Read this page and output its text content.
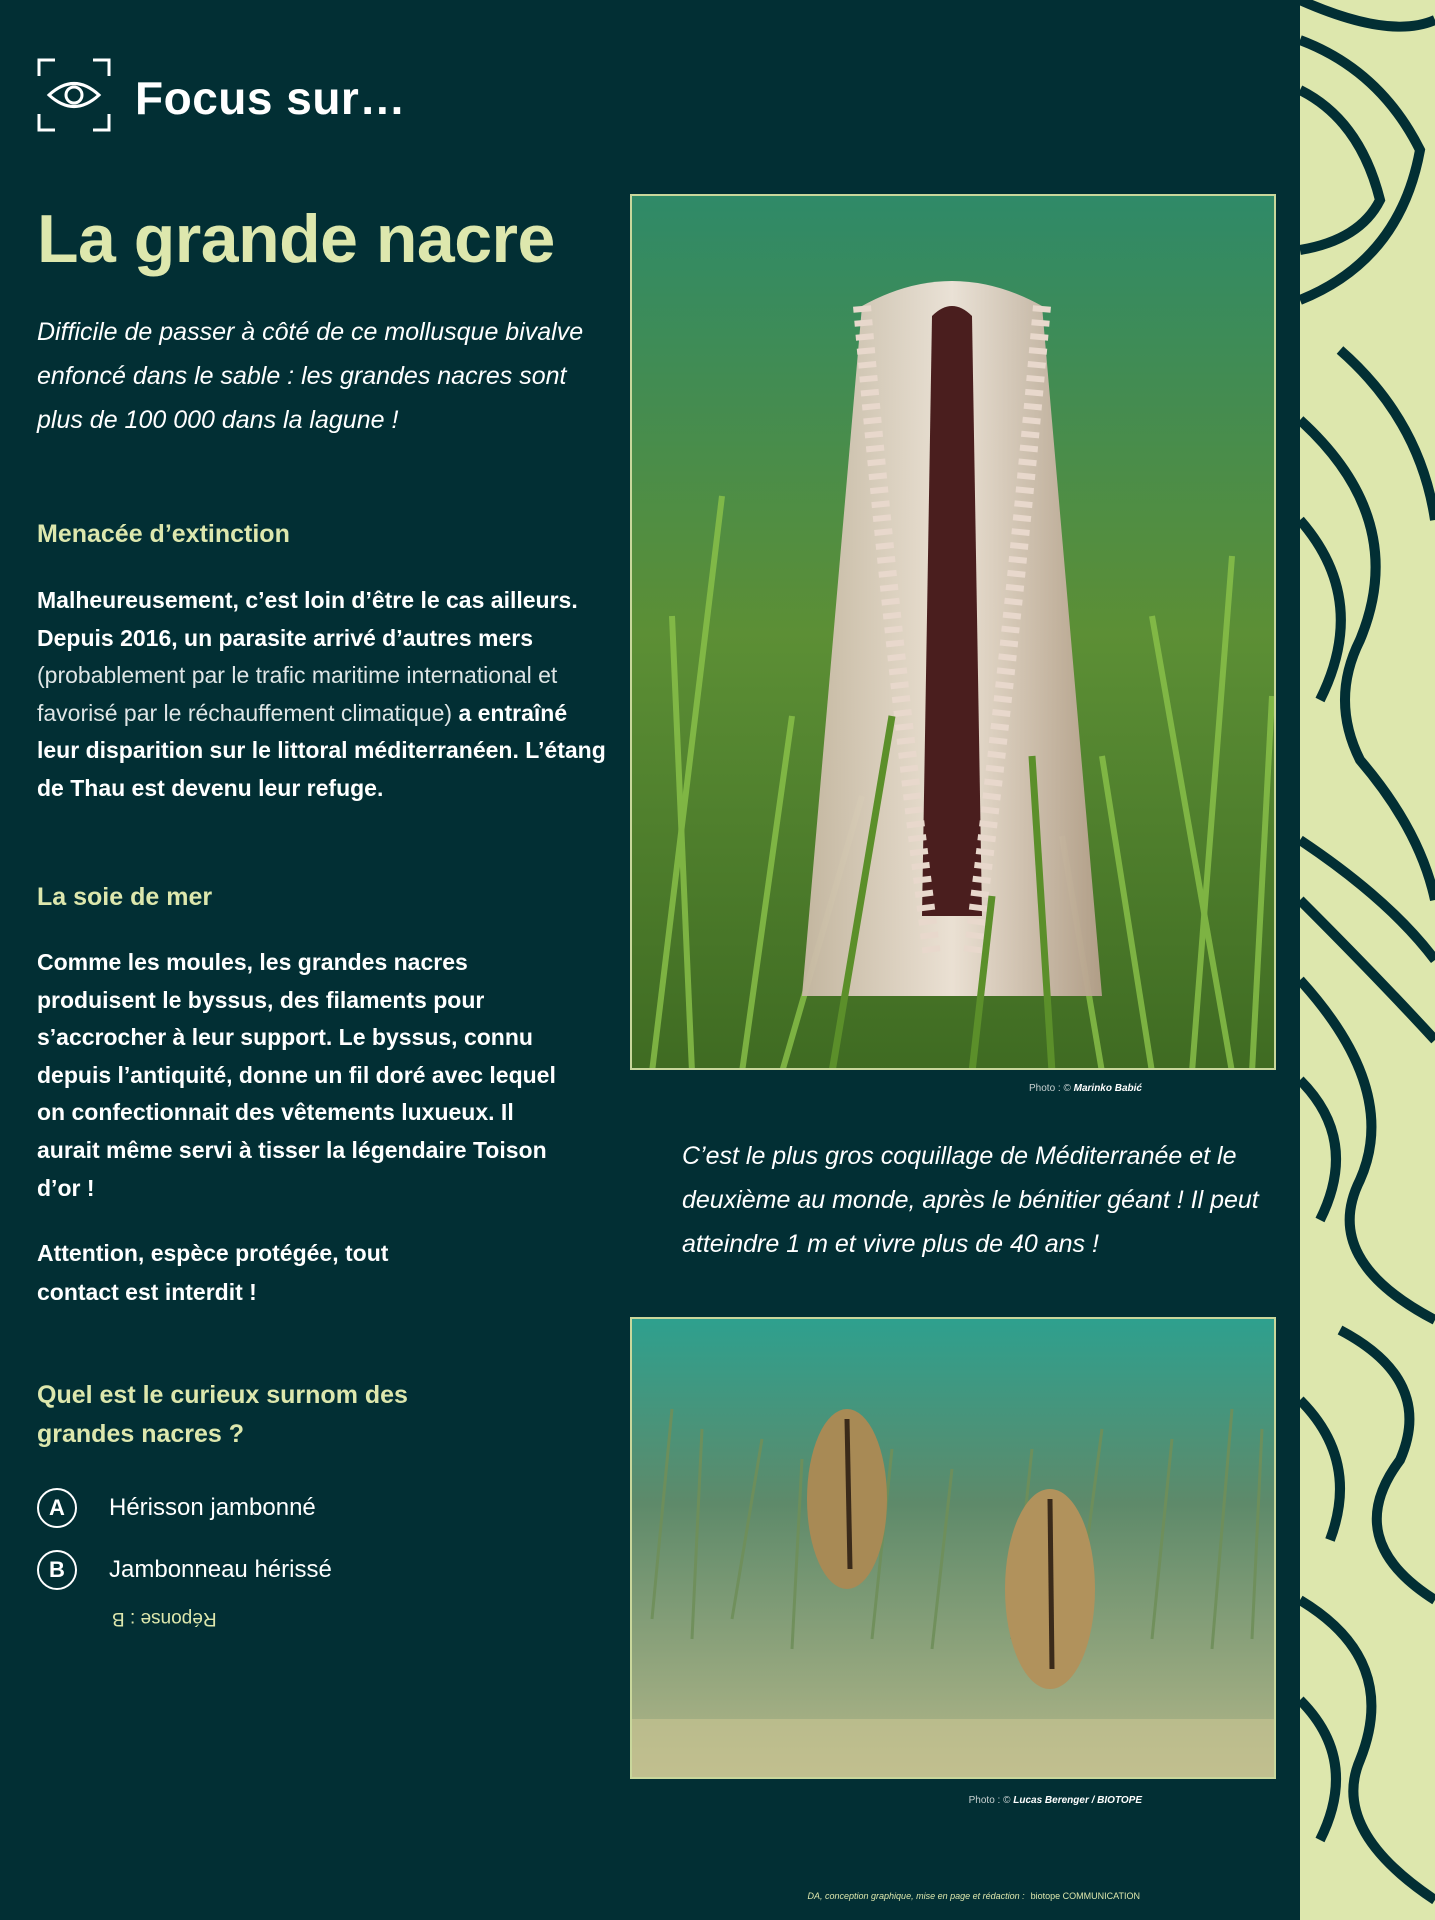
Focus sur…
La grande nacre

Difficile de passer à côté de ce mollusque bivalve enfoncé dans le sable : les grandes nacres sont plus de 100 000 dans la lagune !

Menacée d’extinction

Malheureusement, c’est loin d’être le cas ailleurs. Depuis 2016, un parasite arrivé d’autres mers (probablement par le trafic maritime international et favorisé par le réchauffement climatique) a entraîné leur disparition sur le littoral méditerranéen. L’étang de Thau est devenu leur refuge.

La soie de mer

Comme les moules, les grandes nacres produisent le byssus, des filaments pour s’accrocher à leur support. Le byssus, connu depuis l’antiquité, donne un fil doré avec lequel on confectionnait des vêtements luxueux. Il aurait même servi à tisser la légendaire Toison d’or !

Attention, espèce protégée, tout contact est interdit !

Quel est le curieux surnom des grandes nacres ?

A	Hérisson jambonné
B	Jambonneau hérissé
Réponse : B
Photo : © Marinko Babić

C’est le plus gros coquillage de Méditerranée et le deuxième au monde, après le bénitier géant ! Il peut atteindre 1 m et vivre plus de 40 ans !

Photo : © Lucas Berenger / BIOTOPE
DA, conception graphique, mise en page et rédaction : biotope COMMUNICATION
